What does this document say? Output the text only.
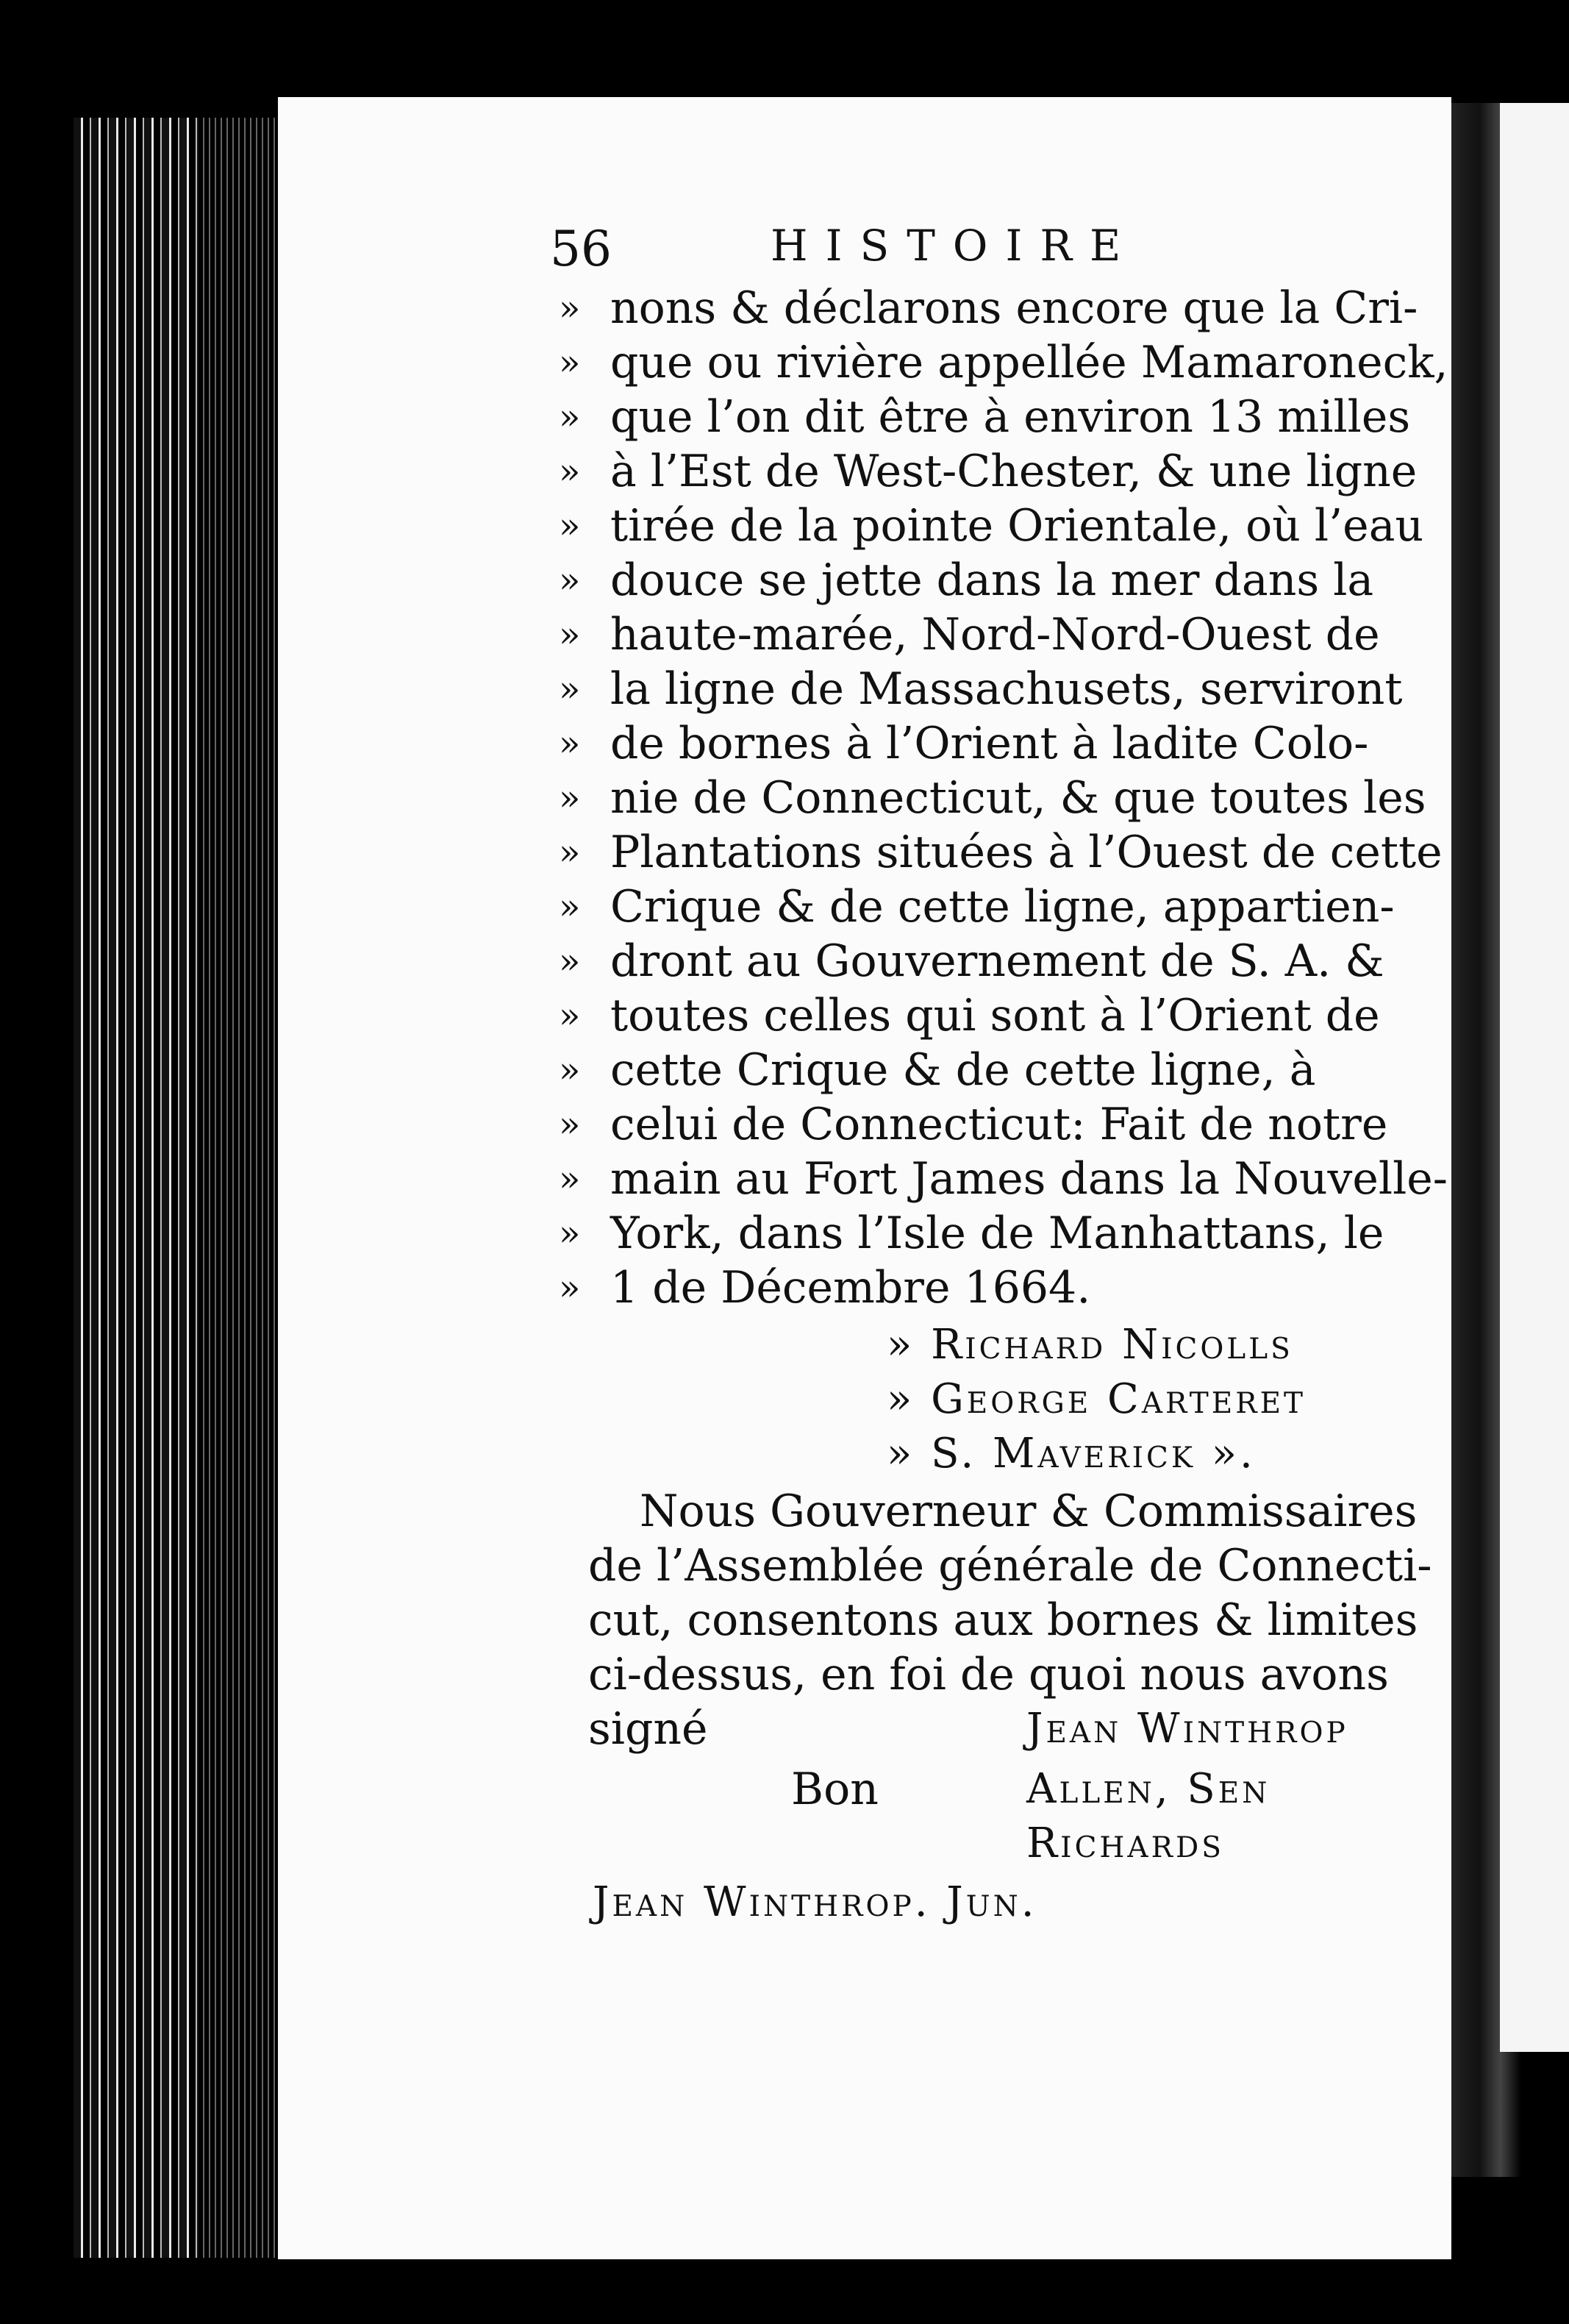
56	HISTOIRE
» nons & déclarons encore que la Cri-
» que ou rivière appellée Mamaroneck,
» que l’on dit être à environ 13 milles
» à l’Est de West-Chester, & une ligne
» tirée de la pointe Orientale, où l’eau
» douce se jette dans la mer dans la
» haute-marée, Nord-Nord-Ouest de
» la ligne de Massachusets, serviront
» de bornes à l’Orient à ladite Colo-
» nie de Connecticut, & que toutes les
» Plantations situées à l’Ouest de cette
» Crique & de cette ligne, appartien-
» dront au Gouvernement de S. A. &
» toutes celles qui sont à l’Orient de
» cette Crique & de cette ligne, à
» celui de Connecticut: Fait de notre
» main au Fort James dans la Nouvelle-
» York, dans l’Isle de Manhattans, le
» 1 de Décembre 1664.
» Richard Nicolls
» George Carteret
» S. Maverick ».
Nous Gouverneur & Commissaires
de l’Assemblée générale de Connecti-
cut, consentons aux bornes & limites
ci-dessus, en foi de quoi nous avons
signé	Jean Winthrop
Bon	Allen, Sen
Richards
Jean Winthrop. Jun.
